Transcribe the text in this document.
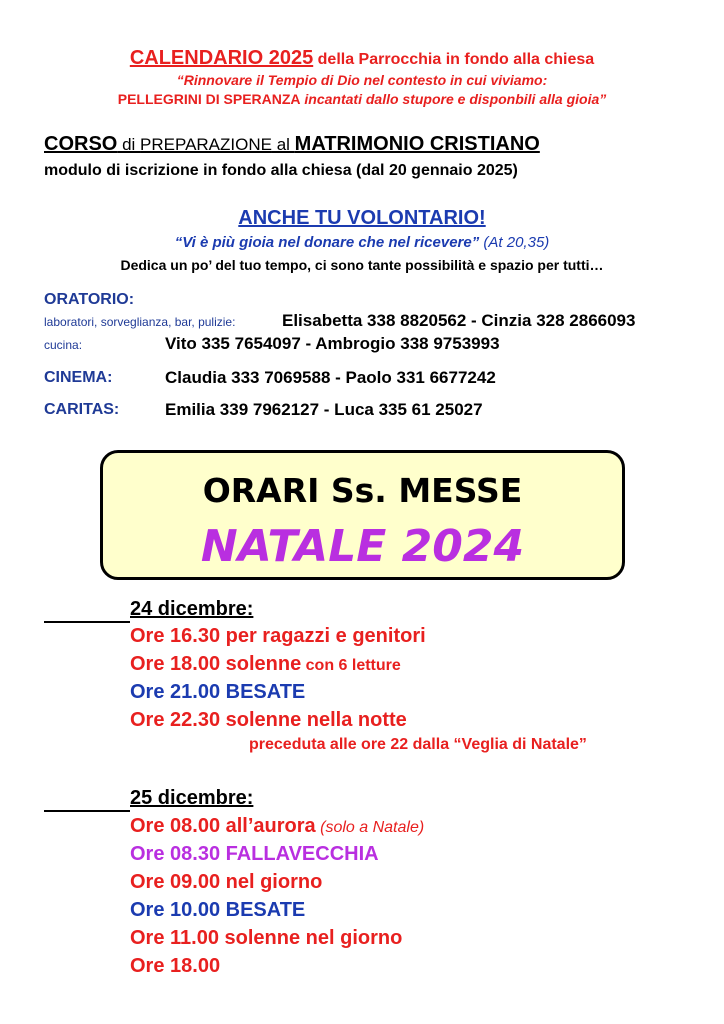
CALENDARIO 2025 della Parrocchia in fondo alla chiesa
“Rinnovare il Tempio di Dio nel contesto in cui viviamo:
PELLEGRINI DI SPERANZA incantati dallo stupore e disponbili alla gioia”
CORSO di PREPARAZIONE al MATRIMONIO CRISTIANO
modulo di iscrizione in fondo alla chiesa (dal 20 gennaio 2025)
ANCHE TU VOLONTARIO!
“Vi è più gioia nel donare che nel ricevere” (At 20,35)
Dedica un po’ del tuo tempo, ci sono tante possibilità e spazio per tutti…
ORATORIO:
laboratori, sorveglianza, bar, pulizie:	Elisabetta 338 8820562 - Cinzia 328 2866093
cucina:	Vito 335 7654097 - Ambrogio 338 9753993
CINEMA:	Claudia 333 7069588 - Paolo 331 6677242
CARITAS:	Emilia 339 7962127 - Luca 335 61 25027
ORARI Ss. MESSE
NATALE 2024
24 dicembre:
Ore 16.30 per ragazzi e genitori
Ore 18.00 solenne con 6 letture
Ore 21.00 BESATE
Ore 22.30 solenne nella notte
preceduta alle ore 22 dalla “Veglia di Natale”
25 dicembre:
Ore 08.00 all’aurora (solo a Natale)
Ore 08.30 FALLAVECCHIA
Ore 09.00 nel giorno
Ore 10.00 BESATE
Ore 11.00 solenne nel giorno
Ore 18.00
